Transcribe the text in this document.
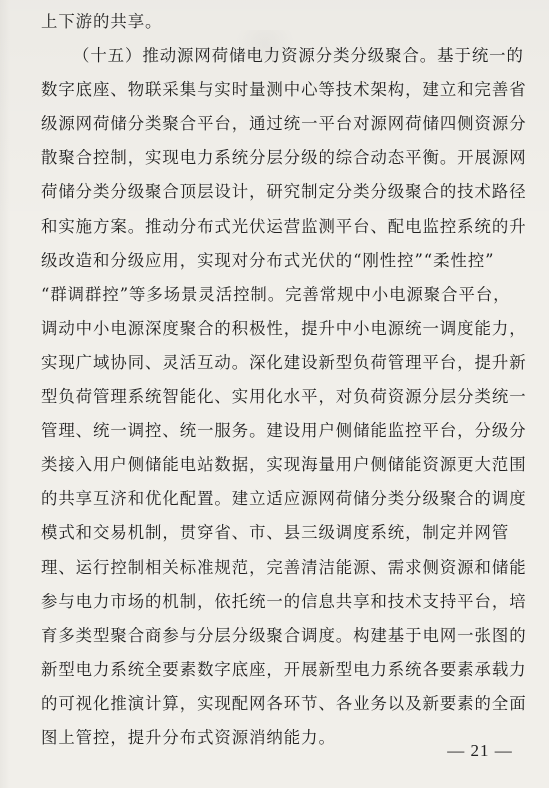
上下游的共享。
（十五）推动源网荷储电力资源分类分级聚合。基于统一的
数字底座、物联采集与实时量测中心等技术架构，建立和完善省
级源网荷储分类聚合平台，通过统一平台对源网荷储四侧资源分
散聚合控制，实现电力系统分层分级的综合动态平衡。开展源网
荷储分类分级聚合顶层设计，研究制定分类分级聚合的技术路径
和实施方案。推动分布式光伏运营监测平台、配电监控系统的升
级改造和分级应用，实现对分布式光伏的“刚性控”“柔性控”
“群调群控”等多场景灵活控制。完善常规中小电源聚合平台，
调动中小电源深度聚合的积极性，提升中小电源统一调度能力，
实现广域协同、灵活互动。深化建设新型负荷管理平台，提升新
型负荷管理系统智能化、实用化水平，对负荷资源分层分类统一
管理、统一调控、统一服务。建设用户侧储能监控平台，分级分
类接入用户侧储能电站数据，实现海量用户侧储能资源更大范围
的共享互济和优化配置。建立适应源网荷储分类分级聚合的调度
模式和交易机制，贯穿省、市、县三级调度系统，制定并网管
理、运行控制相关标准规范，完善清洁能源、需求侧资源和储能
参与电力市场的机制，依托统一的信息共享和技术支持平台，培
育多类型聚合商参与分层分级聚合调度。构建基于电网一张图的
新型电力系统全要素数字底座，开展新型电力系统各要素承载力
的可视化推演计算，实现配网各环节、各业务以及新要素的全面
图上管控，提升分布式资源消纳能力。
— 21 —
